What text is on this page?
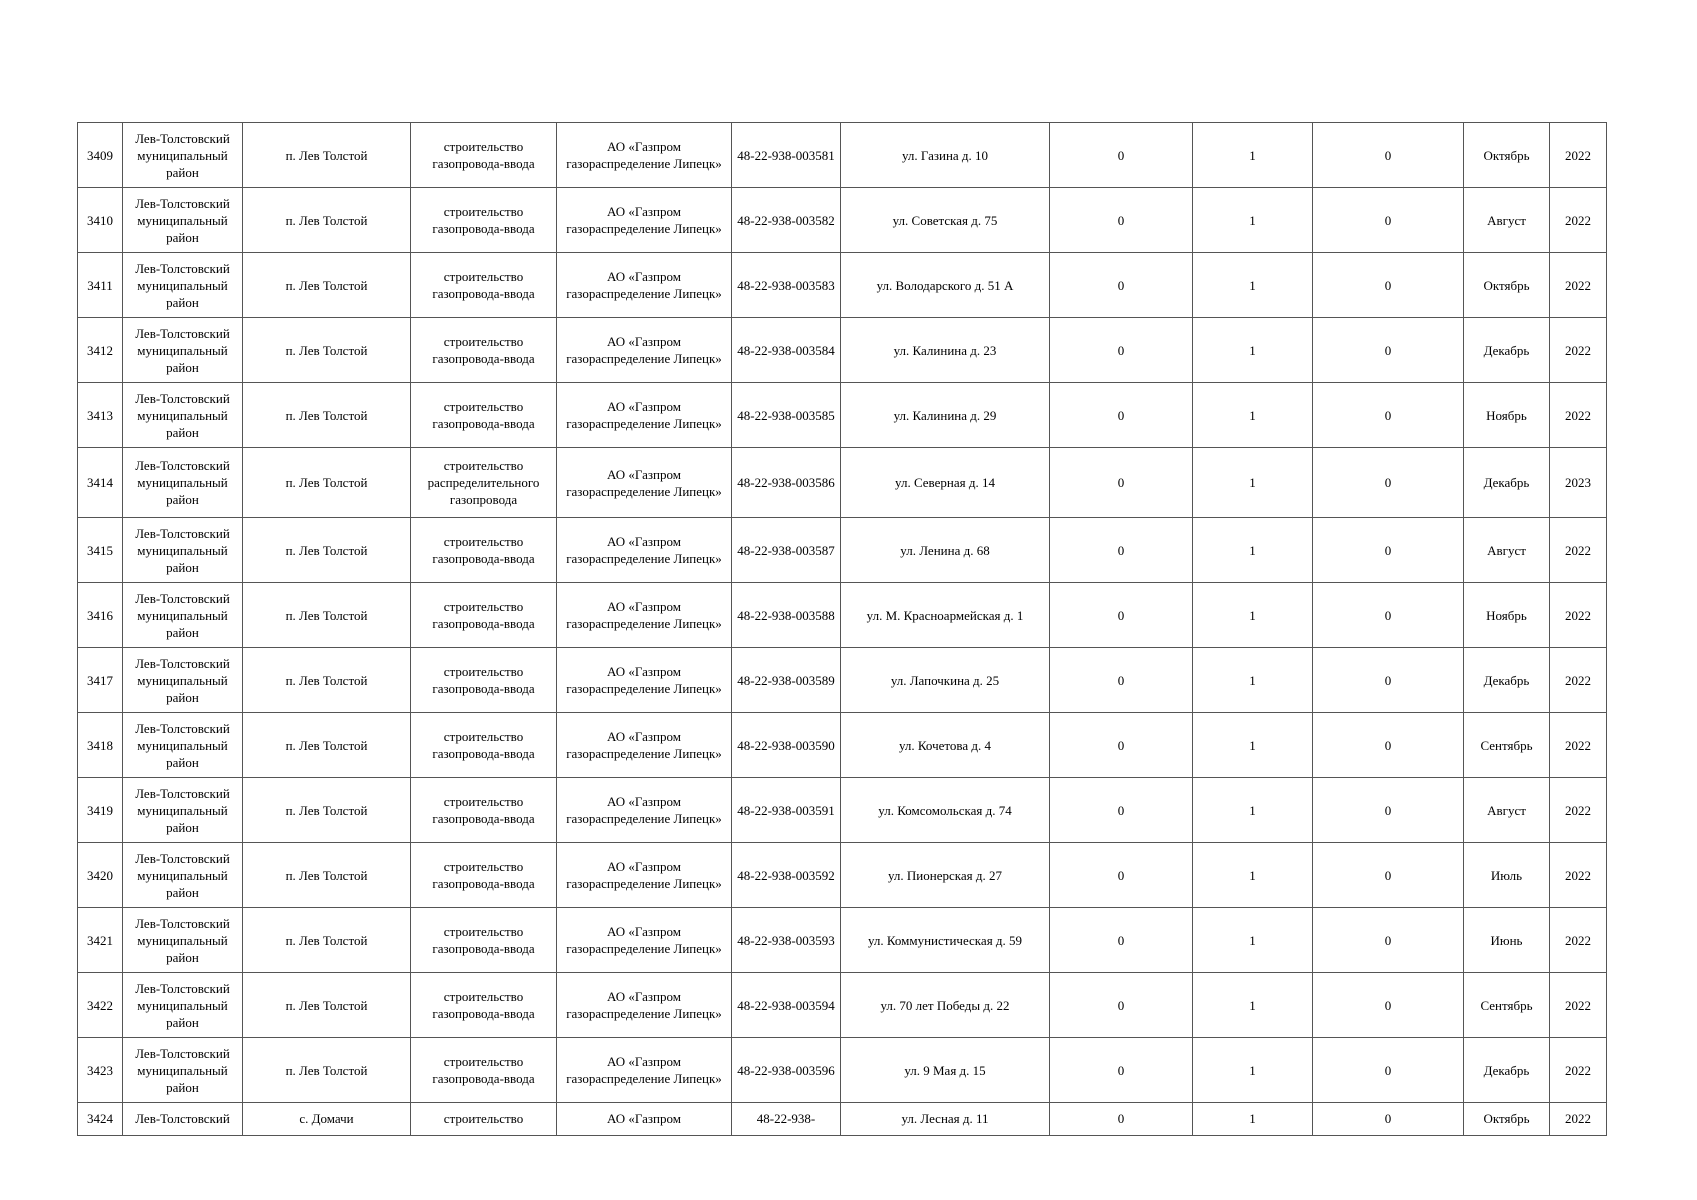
3409	Лев-Толстовский муниципальный район	п. Лев Толстой	строительство газопровода-ввода	АО «Газпром газораспределение Липецк»	48-22-938-003581	ул. Газина д. 10	0	1	0	Октябрь	2022
3410	Лев-Толстовский муниципальный район	п. Лев Толстой	строительство газопровода-ввода	АО «Газпром газораспределение Липецк»	48-22-938-003582	ул. Советская д. 75	0	1	0	Август	2022
3411	Лев-Толстовский муниципальный район	п. Лев Толстой	строительство газопровода-ввода	АО «Газпром газораспределение Липецк»	48-22-938-003583	ул. Володарского д. 51 А	0	1	0	Октябрь	2022
3412	Лев-Толстовский муниципальный район	п. Лев Толстой	строительство газопровода-ввода	АО «Газпром газораспределение Липецк»	48-22-938-003584	ул. Калинина д. 23	0	1	0	Декабрь	2022
3413	Лев-Толстовский муниципальный район	п. Лев Толстой	строительство газопровода-ввода	АО «Газпром газораспределение Липецк»	48-22-938-003585	ул. Калинина д. 29	0	1	0	Ноябрь	2022
3414	Лев-Толстовский муниципальный район	п. Лев Толстой	строительство распределительного газопровода	АО «Газпром газораспределение Липецк»	48-22-938-003586	ул. Северная д. 14	0	1	0	Декабрь	2023
3415	Лев-Толстовский муниципальный район	п. Лев Толстой	строительство газопровода-ввода	АО «Газпром газораспределение Липецк»	48-22-938-003587	ул. Ленина д. 68	0	1	0	Август	2022
3416	Лев-Толстовский муниципальный район	п. Лев Толстой	строительство газопровода-ввода	АО «Газпром газораспределение Липецк»	48-22-938-003588	ул. М. Красноармейская д. 1	0	1	0	Ноябрь	2022
3417	Лев-Толстовский муниципальный район	п. Лев Толстой	строительство газопровода-ввода	АО «Газпром газораспределение Липецк»	48-22-938-003589	ул. Лапочкина д. 25	0	1	0	Декабрь	2022
3418	Лев-Толстовский муниципальный район	п. Лев Толстой	строительство газопровода-ввода	АО «Газпром газораспределение Липецк»	48-22-938-003590	ул. Кочетова д. 4	0	1	0	Сентябрь	2022
3419	Лев-Толстовский муниципальный район	п. Лев Толстой	строительство газопровода-ввода	АО «Газпром газораспределение Липецк»	48-22-938-003591	ул. Комсомольская д. 74	0	1	0	Август	2022
3420	Лев-Толстовский муниципальный район	п. Лев Толстой	строительство газопровода-ввода	АО «Газпром газораспределение Липецк»	48-22-938-003592	ул. Пионерская д. 27	0	1	0	Июль	2022
3421	Лев-Толстовский муниципальный район	п. Лев Толстой	строительство газопровода-ввода	АО «Газпром газораспределение Липецк»	48-22-938-003593	ул. Коммунистическая д. 59	0	1	0	Июнь	2022
3422	Лев-Толстовский муниципальный район	п. Лев Толстой	строительство газопровода-ввода	АО «Газпром газораспределение Липецк»	48-22-938-003594	ул. 70 лет Победы д. 22	0	1	0	Сентябрь	2022
3423	Лев-Толстовский муниципальный район	п. Лев Толстой	строительство газопровода-ввода	АО «Газпром газораспределение Липецк»	48-22-938-003596	ул. 9 Мая д. 15	0	1	0	Декабрь	2022
3424	Лев-Толстовский	с. Домачи	строительство	АО «Газпром	48-22-938-	ул. Лесная д. 11	0	1	0	Октябрь	2022
